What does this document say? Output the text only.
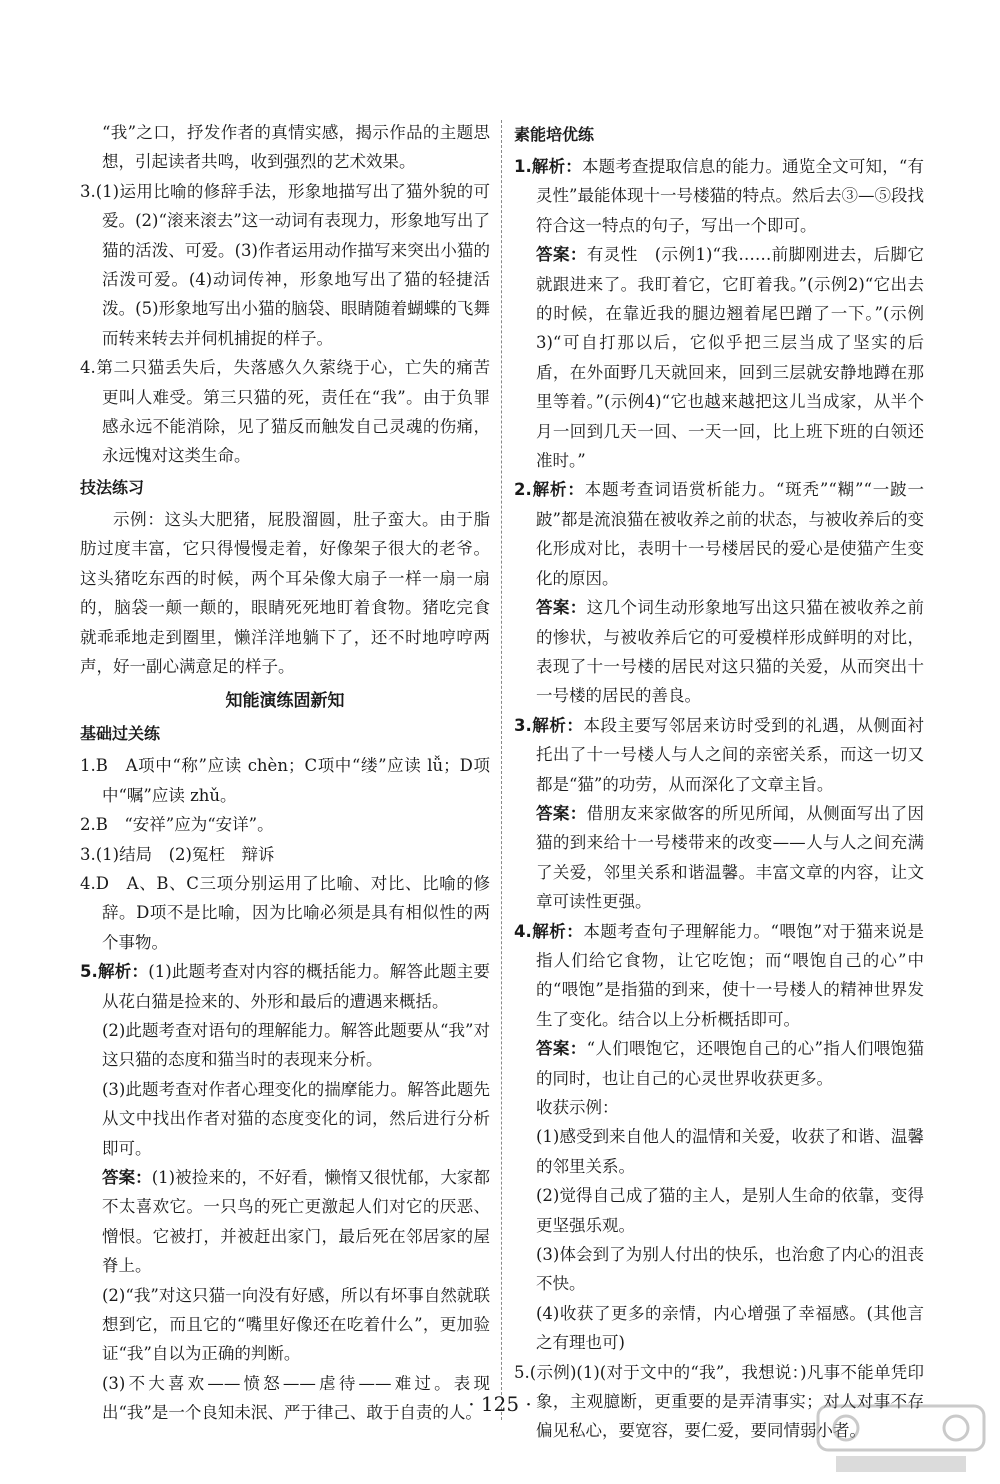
“我”之口，抒发作者的真情实感，揭示作品的主题思想，引起读者共鸣，收到强烈的艺术效果。

3.(1)运用比喻的修辞手法，形象地描写出了猫外貌的可爱。(2)“滚来滚去”这一动词有表现力，形象地写出了猫的活泼、可爱。(3)作者运用动作描写来突出小猫的活泼可爱。(4)动词传神，形象地写出了猫的轻捷活泼。(5)形象地写出小猫的脑袋、眼睛随着蝴蝶的飞舞而转来转去并伺机捕捉的样子。

4.第二只猫丢失后，失落感久久萦绕于心，亡失的痛苦更叫人难受。第三只猫的死，责任在“我”。由于负罪感永远不能消除，见了猫反而触发自己灵魂的伤痛，永远愧对这类生命。

技法练习

示例：这头大肥猪，屁股溜圆，肚子蛮大。由于脂肪过度丰富，它只得慢慢走着，好像架子很大的老爷。这头猪吃东西的时候，两个耳朵像大扇子一样一扇一扇的，脑袋一颠一颠的，眼睛死死地盯着食物。猪吃完食就乖乖地走到圈里，懒洋洋地躺下了，还不时地哼哼两声，好一副心满意足的样子。

知能演练固新知
基础过关练

1.B　A项中“称”应读 chèn；C项中“缕”应读 lǚ；D项中“嘱”应读 zhǔ。

2.B　“安祥”应为“安详”。

3.(1)结局　(2)冤枉　辩诉

4.D　A、B、C三项分别运用了比喻、对比、比喻的修辞。D项不是比喻，因为比喻必须是具有相似性的两个事物。

5.解析：(1)此题考查对内容的概括能力。解答此题主要从花白猫是捡来的、外形和最后的遭遇来概括。

(2)此题考查对语句的理解能力。解答此题要从“我”对这只猫的态度和猫当时的表现来分析。

(3)此题考查对作者心理变化的揣摩能力。解答此题先从文中找出作者对猫的态度变化的词，然后进行分析即可。

答案：(1)被捡来的，不好看，懒惰又很忧郁，大家都不太喜欢它。一只鸟的死亡更激起人们对它的厌恶、憎恨。它被打，并被赶出家门，最后死在邻居家的屋脊上。

(2)“我”对这只猫一向没有好感，所以有坏事自然就联想到它，而且它的“嘴里好像还在吃着什么”，更加验证“我”自以为正确的判断。

(3)不大喜欢——愤怒——虐待——难过。表现出“我”是一个良知未泯、严于律己、敢于自责的人。

素能培优练

1.解析：本题考查提取信息的能力。通览全文可知，“有灵性”最能体现十一号楼猫的特点。然后去③—⑤段找符合这一特点的句子，写出一个即可。

答案：有灵性　(示例1)“我……前脚刚进去，后脚它就跟进来了。我盯着它，它盯着我。”(示例2)“它出去的时候，在靠近我的腿边翘着尾巴蹭了一下。”(示例3)“可自打那以后，它似乎把三层当成了坚实的后盾，在外面野几天就回来，回到三层就安静地蹲在那里等着。”(示例4)“它也越来越把这儿当成家，从半个月一回到几天一回、一天一回，比上班下班的白领还准时。”

2.解析：本题考查词语赏析能力。“斑秃”“糊”“一跛一跛”都是流浪猫在被收养之前的状态，与被收养后的变化形成对比，表明十一号楼居民的爱心是使猫产生变化的原因。

答案：这几个词生动形象地写出这只猫在被收养之前的惨状，与被收养后它的可爱模样形成鲜明的对比，表现了十一号楼的居民对这只猫的关爱，从而突出十一号楼的居民的善良。

3.解析：本段主要写邻居来访时受到的礼遇，从侧面衬托出了十一号楼人与人之间的亲密关系，而这一切又都是“猫”的功劳，从而深化了文章主旨。

答案：借朋友来家做客的所见所闻，从侧面写出了因猫的到来给十一号楼带来的改变——人与人之间充满了关爱，邻里关系和谐温馨。丰富文章的内容，让文章可读性更强。

4.解析：本题考查句子理解能力。“喂饱”对于猫来说是指人们给它食物，让它吃饱；而“喂饱自己的心”中的“喂饱”是指猫的到来，使十一号楼人的精神世界发生了变化。结合以上分析概括即可。

答案：“人们喂饱它，还喂饱自己的心”指人们喂饱猫的同时，也让自己的心灵世界收获更多。

收获示例：

(1)感受到来自他人的温情和关爱，收获了和谐、温馨的邻里关系。

(2)觉得自己成了猫的主人，是别人生命的依靠，变得更坚强乐观。

(3)体会到了为别人付出的快乐，也治愈了内心的沮丧不快。

(4)收获了更多的亲情，内心增强了幸福感。(其他言之有理也可)

5.(示例)(1)(对于文中的“我”，我想说：)凡事不能单凭印象，主观臆断，更重要的是弄清事实；对人对事不存偏见私心，要宽容，要仁爱，要同情弱小者。

· 125 ·
